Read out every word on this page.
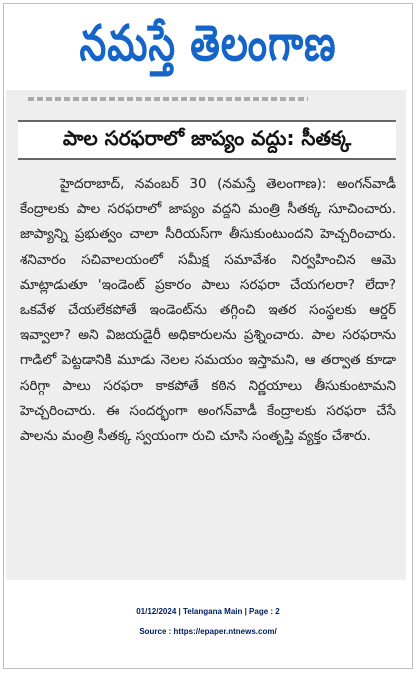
నమస్తే తెలంగాణ
పాల సరఫరాలో జాప్యం వద్దు: సీతక్క

హైదరాబాద్, నవంబర్ 30 (నమస్తే తెలంగాణ): అంగన్‌వాడీ కేంద్రాలకు పాల సరఫరాలో జాప్యం వద్దని మంత్రి సీతక్క సూచించారు. జాప్యాన్ని ప్రభుత్వం చాలా సీరియస్‌గా తీసుకుంటుందని హెచ్చరించారు. శనివారం సచివాలయంలో సమీక్ష సమావేశం నిర్వహించిన ఆమె మాట్లాడుతూ 'ఇండెంట్ ప్రకారం పాలు సరఫరా చేయగలరా? లేదా? ఒకవేళ చేయలేకపోతే ఇండెంట్‌ను తగ్గించి ఇతర సంస్థలకు ఆర్డర్ ఇవ్వాలా? అని విజయడైరీ అధికారులను ప్రశ్నించారు. పాల సరఫరాను గాడిలో పెట్టడానికి మూడు నెలల సమయం ఇస్తామని, ఆ తర్వాత కూడా సరిగ్గా పాలు సరఫరా కాకపోతే కఠిన నిర్ణయాలు తీసుకుంటామని హెచ్చరించారు. ఈ సందర్భంగా అంగన్‌వాడీ కేంద్రాలకు సరఫరా చేసే పాలను మంత్రి సీతక్క స్వయంగా రుచి చూసి సంతృప్తి వ్యక్తం చేశారు.

01/12/2024 | Telangana Main | Page : 2
Source : https://epaper.ntnews.com/
